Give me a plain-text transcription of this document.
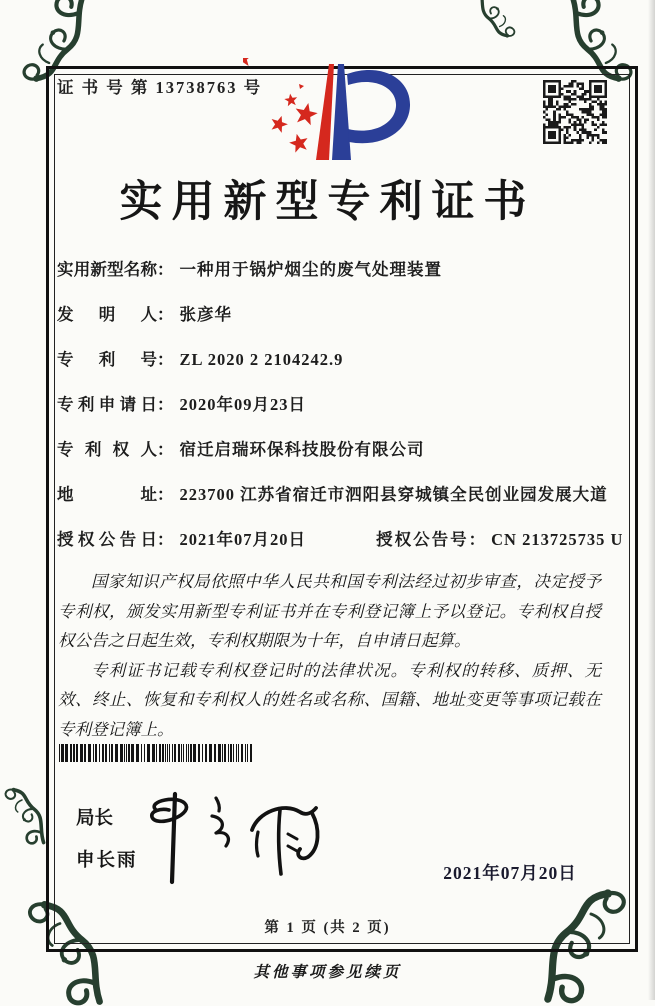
证 书 号 第 13738763 号
实用新型专利证书
实用新型名称： 一种用于锅炉烟尘的废气处理装置
发明人： 张彦华
专利号： ZL 2020 2 2104242.9
专利申请日： 2020年09月23日
专利权人： 宿迁启瑞环保科技股份有限公司
地址： 223700 江苏省宿迁市泗阳县穿城镇全民创业园发展大道
授权公告日： 2021年07月20日	授权公告号： CN 213725735 U

国家知识产权局依照中华人民共和国专利法经过初步审查，决定授予专利权，颁发实用新型专利证书并在专利登记簿上予以登记。专利权自授权公告之日起生效，专利权期限为十年，自申请日起算。

专利证书记载专利权登记时的法律状况。专利权的转移、质押、无效、终止、恢复和专利权人的姓名或名称、国籍、地址变更等事项记载在专利登记簿上。

局长
申长雨
2021年07月20日
第 1 页 (共 2 页)
其他事项参见续页
